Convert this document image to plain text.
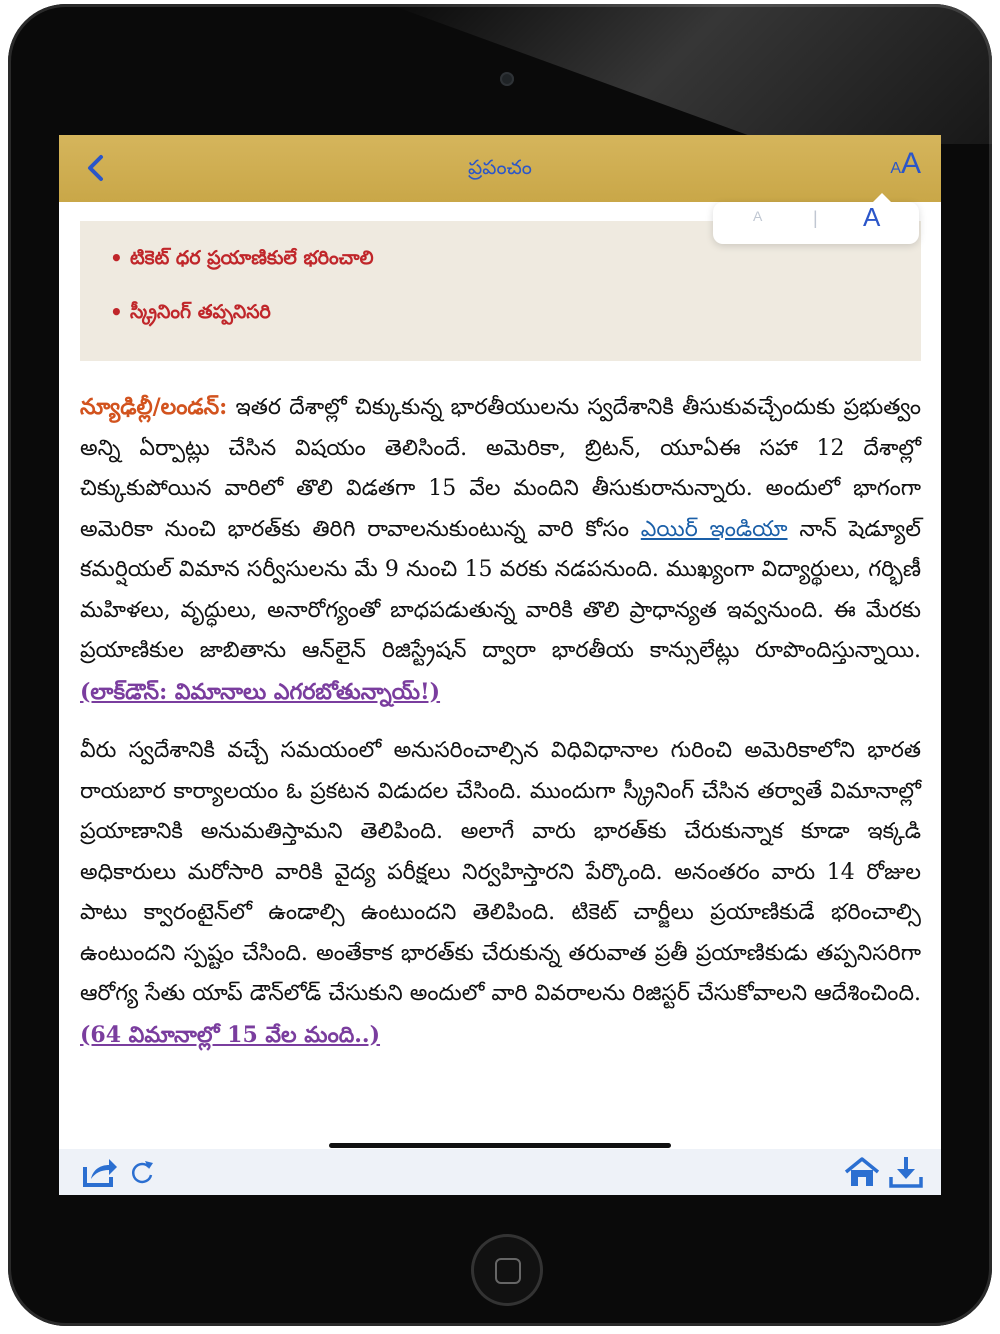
ప్రపంచం	AA
• టికెట్ ధర ప్రయాణికులే భరించాలి
• స్క్రీనింగ్ తప్పనిసరి
A	| A

న్యూఢిల్లీ/లండన్: ఇతర దేశాల్లో చిక్కుకున్న భారతీయులను స్వదేశానికి తీసుకువచ్చేందుకు ప్రభుత్వం అన్ని ఏర్పాట్లు చేసిన విషయం తెలిసిందే. అమెరికా, బ్రిటన్, యూఏఈ సహా 12 దేశాల్లో చిక్కుకుపోయిన వారిలో తొలి విడతగా 15 వేల మందిని తీసుకురానున్నారు. అందులో భాగంగా అమెరికా నుంచి భారత్‌కు తిరిగి రావాలనుకుంటున్న వారి కోసం ఎయిర్ ఇండియా నాన్ షెడ్యూల్ కమర్షియల్ విమాన సర్వీసులను మే 9 నుంచి 15 వరకు నడపనుంది. ముఖ్యంగా విద్యార్థులు, గర్భిణీ మహిళలు, వృద్ధులు, అనారోగ్యంతో బాధపడుతున్న వారికి తొలి ప్రాధాన్యత ఇవ్వనుంది. ఈ మేరకు ప్రయాణికుల జాబితాను ఆన్‌లైన్ రిజిస్ట్రేషన్ ద్వారా భారతీయ కాన్సులేట్లు రూపొందిస్తున్నాయి. (లాక్‌డౌన్: విమానాలు ఎగరబోతున్నాయ్!)

వీరు స్వదేశానికి వచ్చే సమయంలో అనుసరించాల్సిన విధివిధానాల గురించి అమెరికాలోని భారత రాయబార కార్యాలయం ఓ ప్రకటన విడుదల చేసింది. ముందుగా స్క్రీనింగ్ చేసిన తర్వాతే విమానాల్లో ప్రయాణానికి అనుమతిస్తామని తెలిపింది. అలాగే వారు భారత్‌కు చేరుకున్నాక కూడా ఇక్కడి అధికారులు మరోసారి వారికి వైద్య పరీక్షలు నిర్వహిస్తారని పేర్కొంది. అనంతరం వారు 14 రోజుల పాటు క్వారంటైన్‌లో ఉండాల్సి ఉంటుందని తెలిపింది. టికెట్ చార్జీలు ప్రయాణికుడే భరించాల్సి ఉంటుందని స్పష్టం చేసింది. అంతేకాక భారత్‌కు చేరుకున్న తరువాత ప్రతీ ప్రయాణికుడు తప్పనిసరిగా ఆరోగ్య సేతు యాప్ డౌన్‌లోడ్ చేసుకుని అందులో వారి వివరాలను రిజిస్టర్ చేసుకోవాలని ఆదేశించింది. (64 విమానాల్లో 15 వేల మంది..)
